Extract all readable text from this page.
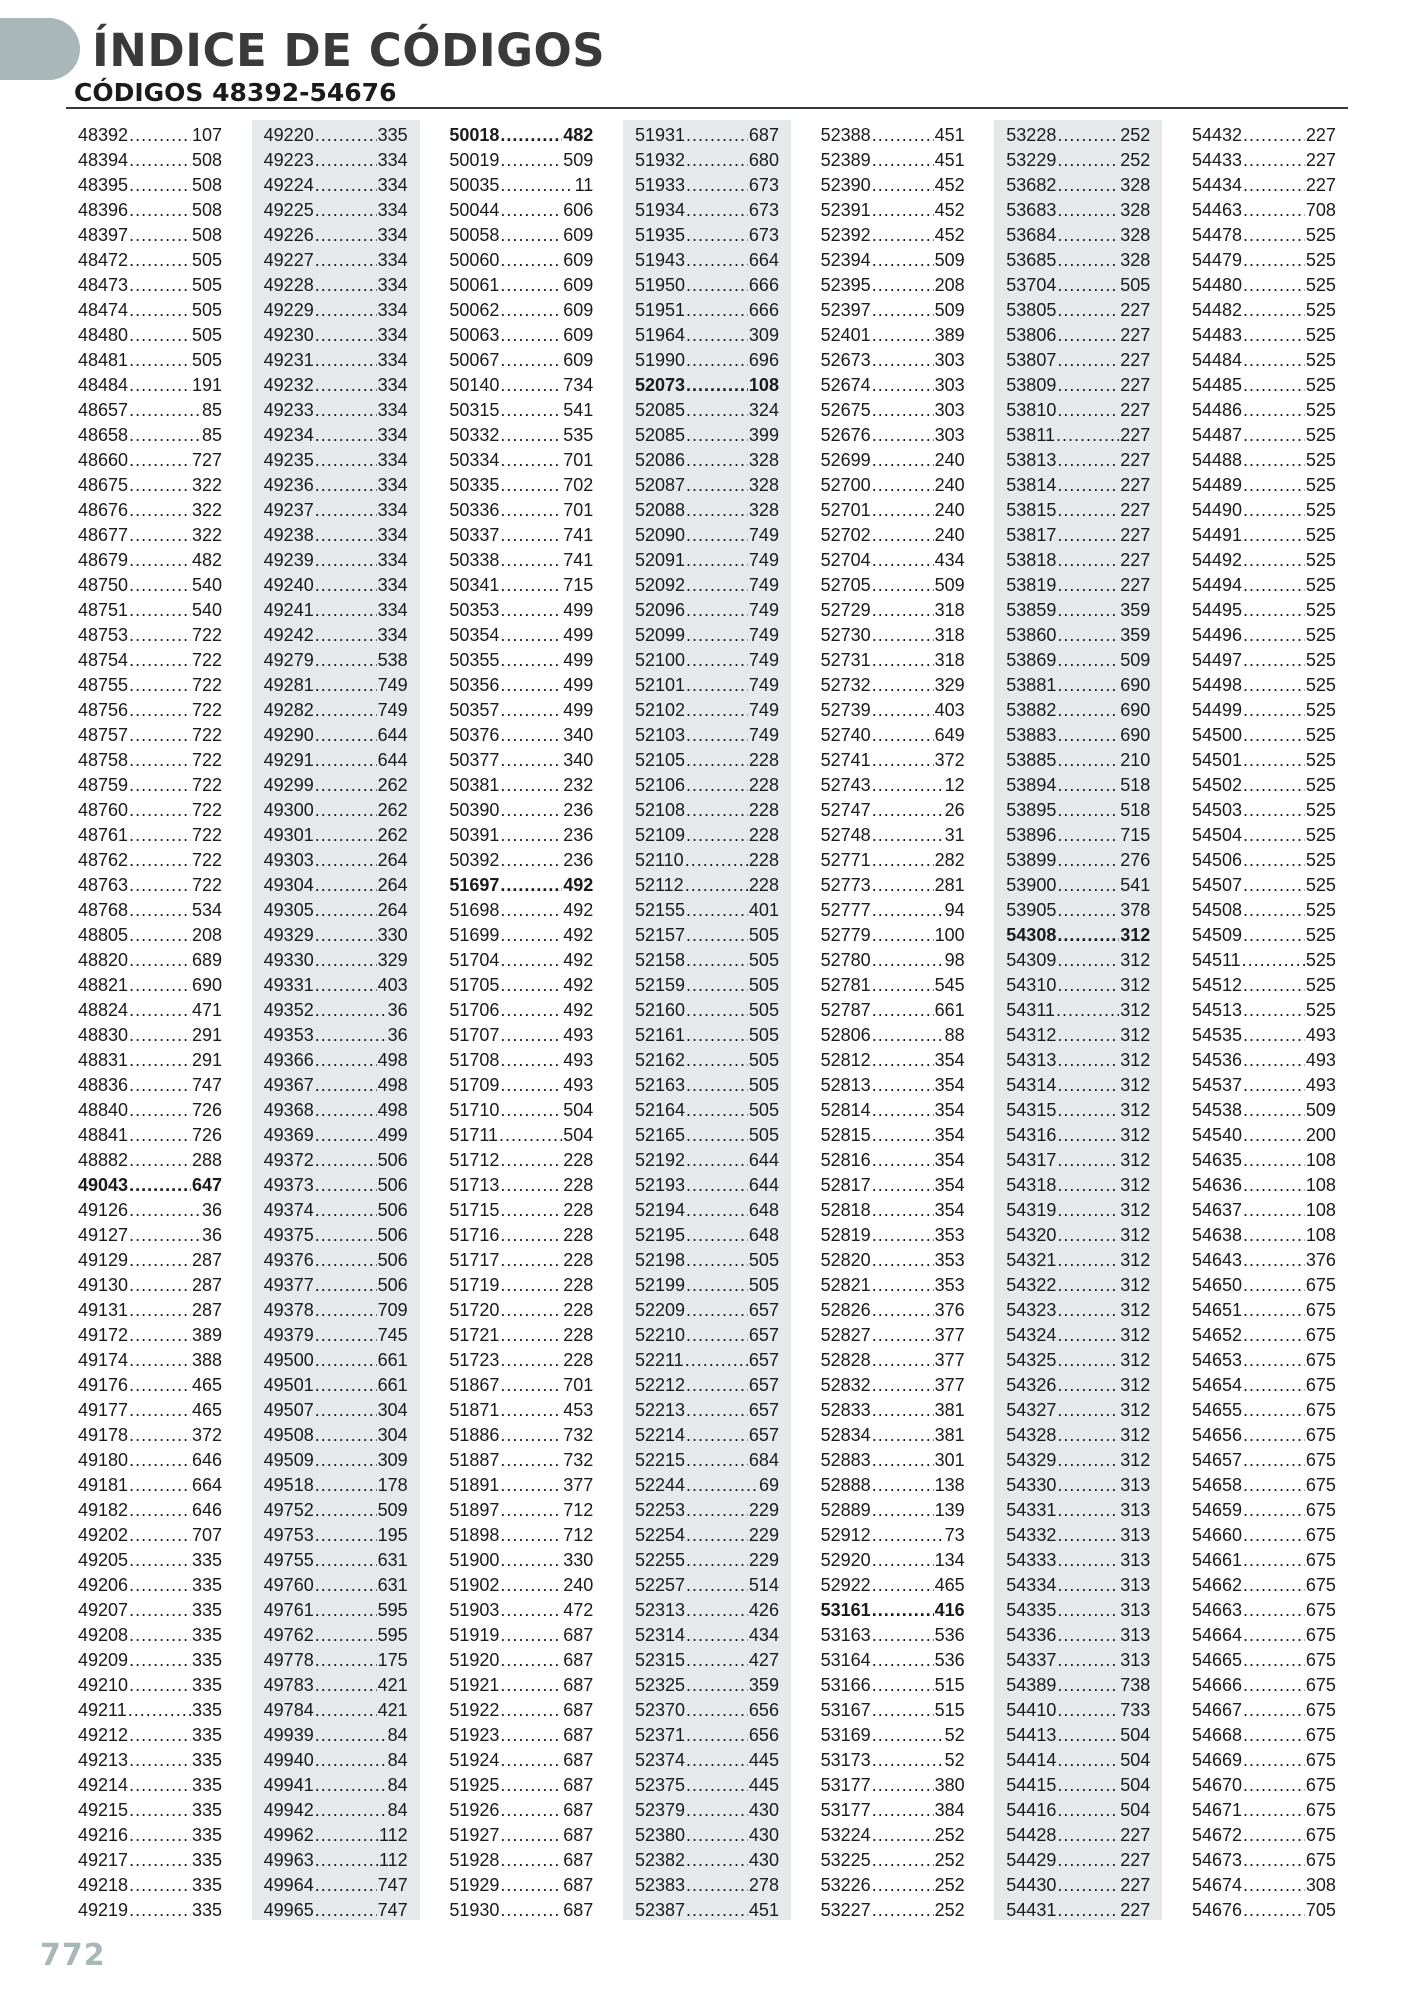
ÍNDICE DE CÓDIGOS
CÓDIGOS 48392-54676
48392 .....	107
48394 .....	508
48395 .....	508
48396 .....	508
48397 .....	508
48472 .....	505
48473 .....	505
48474 .....	505
48480 .....	505
48481 .....	505
48484 .....	191
48657 .....	85
48658 .....	85
48660 .....	727
48675 .....	322
48676 .....	322
48677 .....	322
48679 .....	482
48750 .....	540
48751 .....	540
48753 .....	722
48754 .....	722
48755 .....	722
48756 .....	722
48757 .....	722
48758 .....	722
48759 .....	722
48760 .....	722
48761 .....	722
48762 .....	722
48763 .....	722
48768 .....	534
48805 .....	208
48820 .....	689
48821 .....	690
48824 .....	471
48830 .....	291
48831 .....	291
48836 .....	747
48840 .....	726
48841 .....	726
48882 .....	288
49043 .....	647
49126 .....	36
49127 .....	36
49129 .....	287
49130 .....	287
49131 .....	287
49172 .....	389
49174 .....	388
49176 .....	465
49177 .....	465
49178 .....	372
49180 .....	646
49181 .....	664
49182 .....	646
49202 .....	707
49205 .....	335
49206 .....	335
49207 .....	335
49208 .....	335
49209 .....	335
49210 .....	335
49211 .....	335
49212 .....	335
49213 .....	335
49214 .....	335
49215 .....	335
49216 .....	335
49217 .....	335
49218 .....	335
49219 .....	335
49220 .....	335
49223 .....	334
49224 .....	334
49225 .....	334
49226 .....	334
49227 .....	334
49228 .....	334
49229 .....	334
49230 .....	334
49231 .....	334
49232 .....	334
49233 .....	334
49234 .....	334
49235 .....	334
49236 .....	334
49237 .....	334
49238 .....	334
49239 .....	334
49240 .....	334
49241 .....	334
49242 .....	334
49279 .....	538
49281 .....	749
49282 .....	749
49290 .....	644
49291 .....	644
49299 .....	262
49300 .....	262
49301 .....	262
49303 .....	264
49304 .....	264
49305 .....	264
49329 .....	330
49330 .....	329
49331 .....	403
49352 .....	36
49353 .....	36
49366 .....	498
49367 .....	498
49368 .....	498
49369 .....	499
49372 .....	506
49373 .....	506
49374 .....	506
49375 .....	506
49376 .....	506
49377 .....	506
49378 .....	709
49379 .....	745
49500 .....	661
49501 .....	661
49507 .....	304
49508 .....	304
49509 .....	309
49518 .....	178
49752 .....	509
49753 .....	195
49755 .....	631
49760 .....	631
49761 .....	595
49762 .....	595
49778 .....	175
49783 .....	421
49784 .....	421
49939 .....	84
49940 .....	84
49941 .....	84
49942 .....	84
49962 .....	112
49963 .....	112
49964 .....	747
49965 .....	747
50018 .....	482
50019 .....	509
50035 .....	11
50044 .....	606
50058 .....	609
50060 .....	609
50061 .....	609
50062 .....	609
50063 .....	609
50067 .....	609
50140 .....	734
50315 .....	541
50332 .....	535
50334 .....	701
50335 .....	702
50336 .....	701
50337 .....	741
50338 .....	741
50341 .....	715
50353 .....	499
50354 .....	499
50355 .....	499
50356 .....	499
50357 .....	499
50376 .....	340
50377 .....	340
50381 .....	232
50390 .....	236
50391 .....	236
50392 .....	236
51697 .....	492
51698 .....	492
51699 .....	492
51704 .....	492
51705 .....	492
51706 .....	492
51707 .....	493
51708 .....	493
51709 .....	493
51710 .....	504
51711 .....	504
51712 .....	228
51713 .....	228
51715 .....	228
51716 .....	228
51717 .....	228
51719 .....	228
51720 .....	228
51721 .....	228
51723 .....	228
51867 .....	701
51871 .....	453
51886 .....	732
51887 .....	732
51891 .....	377
51897 .....	712
51898 .....	712
51900 .....	330
51902 .....	240
51903 .....	472
51919 .....	687
51920 .....	687
51921 .....	687
51922 .....	687
51923 .....	687
51924 .....	687
51925 .....	687
51926 .....	687
51927 .....	687
51928 .....	687
51929 .....	687
51930 .....	687
51931 .....	687
51932 .....	680
51933 .....	673
51934 .....	673
51935 .....	673
51943 .....	664
51950 .....	666
51951 .....	666
51964 .....	309
51990 .....	696
52073 .....	108
52085 .....	324
52085 .....	399
52086 .....	328
52087 .....	328
52088 .....	328
52090 .....	749
52091 .....	749
52092 .....	749
52096 .....	749
52099 .....	749
52100 .....	749
52101 .....	749
52102 .....	749
52103 .....	749
52105 .....	228
52106 .....	228
52108 .....	228
52109 .....	228
52110 .....	228
52112 .....	228
52155 .....	401
52157 .....	505
52158 .....	505
52159 .....	505
52160 .....	505
52161 .....	505
52162 .....	505
52163 .....	505
52164 .....	505
52165 .....	505
52192 .....	644
52193 .....	644
52194 .....	648
52195 .....	648
52198 .....	505
52199 .....	505
52209 .....	657
52210 .....	657
52211 .....	657
52212 .....	657
52213 .....	657
52214 .....	657
52215 .....	684
52244 .....	69
52253 .....	229
52254 .....	229
52255 .....	229
52257 .....	514
52313 .....	426
52314 .....	434
52315 .....	427
52325 .....	359
52370 .....	656
52371 .....	656
52374 .....	445
52375 .....	445
52379 .....	430
52380 .....	430
52382 .....	430
52383 .....	278
52387 .....	451
52388 .....	451
52389 .....	451
52390 .....	452
52391 .....	452
52392 .....	452
52394 .....	509
52395 .....	208
52397 .....	509
52401 .....	389
52673 .....	303
52674 .....	303
52675 .....	303
52676 .....	303
52699 .....	240
52700 .....	240
52701 .....	240
52702 .....	240
52704 .....	434
52705 .....	509
52729 .....	318
52730 .....	318
52731 .....	318
52732 .....	329
52739 .....	403
52740 .....	649
52741 .....	372
52743 .....	12
52747 .....	26
52748 .....	31
52771 .....	282
52773 .....	281
52777 .....	94
52779 .....	100
52780 .....	98
52781 .....	545
52787 .....	661
52806 .....	88
52812 .....	354
52813 .....	354
52814 .....	354
52815 .....	354
52816 .....	354
52817 .....	354
52818 .....	354
52819 .....	353
52820 .....	353
52821 .....	353
52826 .....	376
52827 .....	377
52828 .....	377
52832 .....	377
52833 .....	381
52834 .....	381
52883 .....	301
52888 .....	138
52889 .....	139
52912 .....	73
52920 .....	134
52922 .....	465
53161 .....	416
53163 .....	536
53164 .....	536
53166 .....	515
53167 .....	515
53169 .....	52
53173 .....	52
53177 .....	380
53177 .....	384
53224 .....	252
53225 .....	252
53226 .....	252
53227 .....	252
53228 .....	252
53229 .....	252
53682 .....	328
53683 .....	328
53684 .....	328
53685 .....	328
53704 .....	505
53805 .....	227
53806 .....	227
53807 .....	227
53809 .....	227
53810 .....	227
53811 .....	227
53813 .....	227
53814 .....	227
53815 .....	227
53817 .....	227
53818 .....	227
53819 .....	227
53859 .....	359
53860 .....	359
53869 .....	509
53881 .....	690
53882 .....	690
53883 .....	690
53885 .....	210
53894 .....	518
53895 .....	518
53896 .....	715
53899 .....	276
53900 .....	541
53905 .....	378
54308 .....	312
54309 .....	312
54310 .....	312
54311 .....	312
54312 .....	312
54313 .....	312
54314 .....	312
54315 .....	312
54316 .....	312
54317 .....	312
54318 .....	312
54319 .....	312
54320 .....	312
54321 .....	312
54322 .....	312
54323 .....	312
54324 .....	312
54325 .....	312
54326 .....	312
54327 .....	312
54328 .....	312
54329 .....	312
54330 .....	313
54331 .....	313
54332 .....	313
54333 .....	313
54334 .....	313
54335 .....	313
54336 .....	313
54337 .....	313
54389 .....	738
54410 .....	733
54413 .....	504
54414 .....	504
54415 .....	504
54416 .....	504
54428 .....	227
54429 .....	227
54430 .....	227
54431 .....	227
54432 .....	227
54433 .....	227
54434 .....	227
54463 .....	708
54478 .....	525
54479 .....	525
54480 .....	525
54482 .....	525
54483 .....	525
54484 .....	525
54485 .....	525
54486 .....	525
54487 .....	525
54488 .....	525
54489 .....	525
54490 .....	525
54491 .....	525
54492 .....	525
54494 .....	525
54495 .....	525
54496 .....	525
54497 .....	525
54498 .....	525
54499 .....	525
54500 .....	525
54501 .....	525
54502 .....	525
54503 .....	525
54504 .....	525
54506 .....	525
54507 .....	525
54508 .....	525
54509 .....	525
54511 .....	525
54512 .....	525
54513 .....	525
54535 .....	493
54536 .....	493
54537 .....	493
54538 .....	509
54540 .....	200
54635 .....	108
54636 .....	108
54637 .....	108
54638 .....	108
54643 .....	376
54650 .....	675
54651 .....	675
54652 .....	675
54653 .....	675
54654 .....	675
54655 .....	675
54656 .....	675
54657 .....	675
54658 .....	675
54659 .....	675
54660 .....	675
54661 .....	675
54662 .....	675
54663 .....	675
54664 .....	675
54665 .....	675
54666 .....	675
54667 .....	675
54668 .....	675
54669 .....	675
54670 .....	675
54671 .....	675
54672 .....	675
54673 .....	675
54674 .....	308
54676 .....	705
772
